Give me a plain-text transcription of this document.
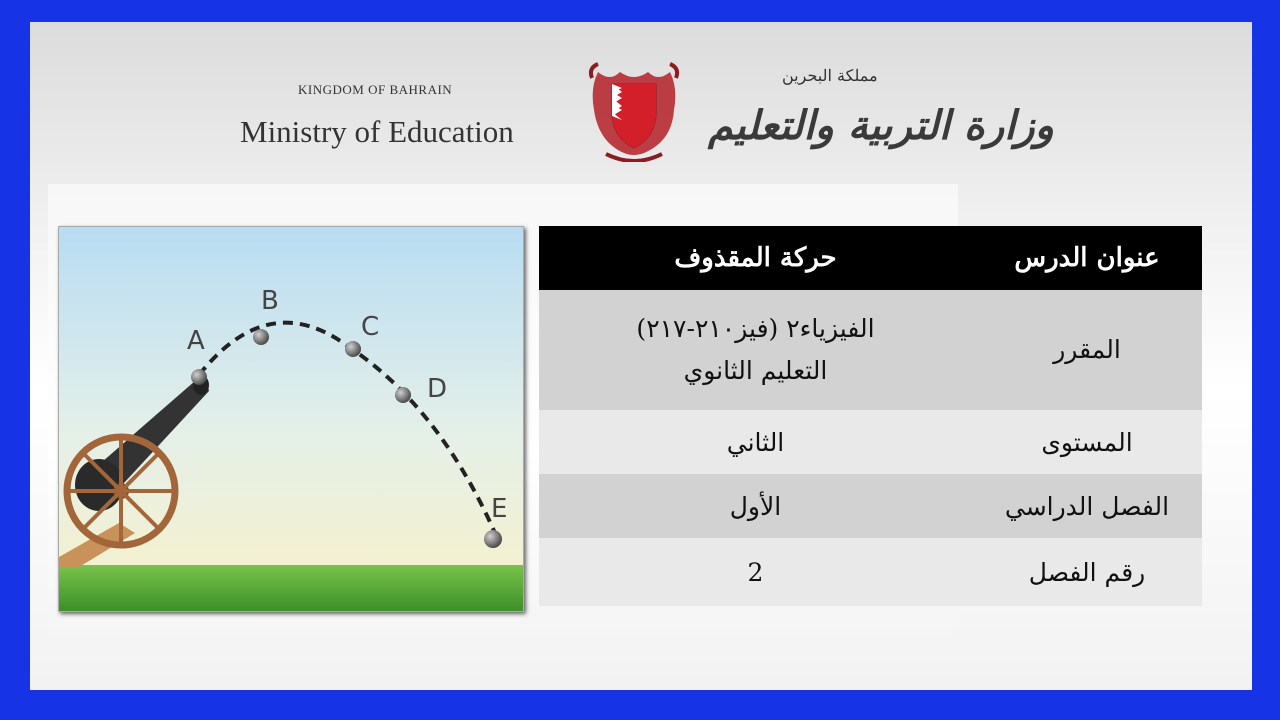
KINGDOM OF BAHRAIN
Ministry of Education
مملكة البحرين
وزارة التربية والتعليم
A
B
C
D
E
عنوان الدرس	حركة المقذوف
المقرر	الفيزياء٢ (فيز٢١٠-٢١٧)
التعليم الثانوي

المستوى	الثاني
الفصل الدراسي	الأول
رقم الفصل	2
